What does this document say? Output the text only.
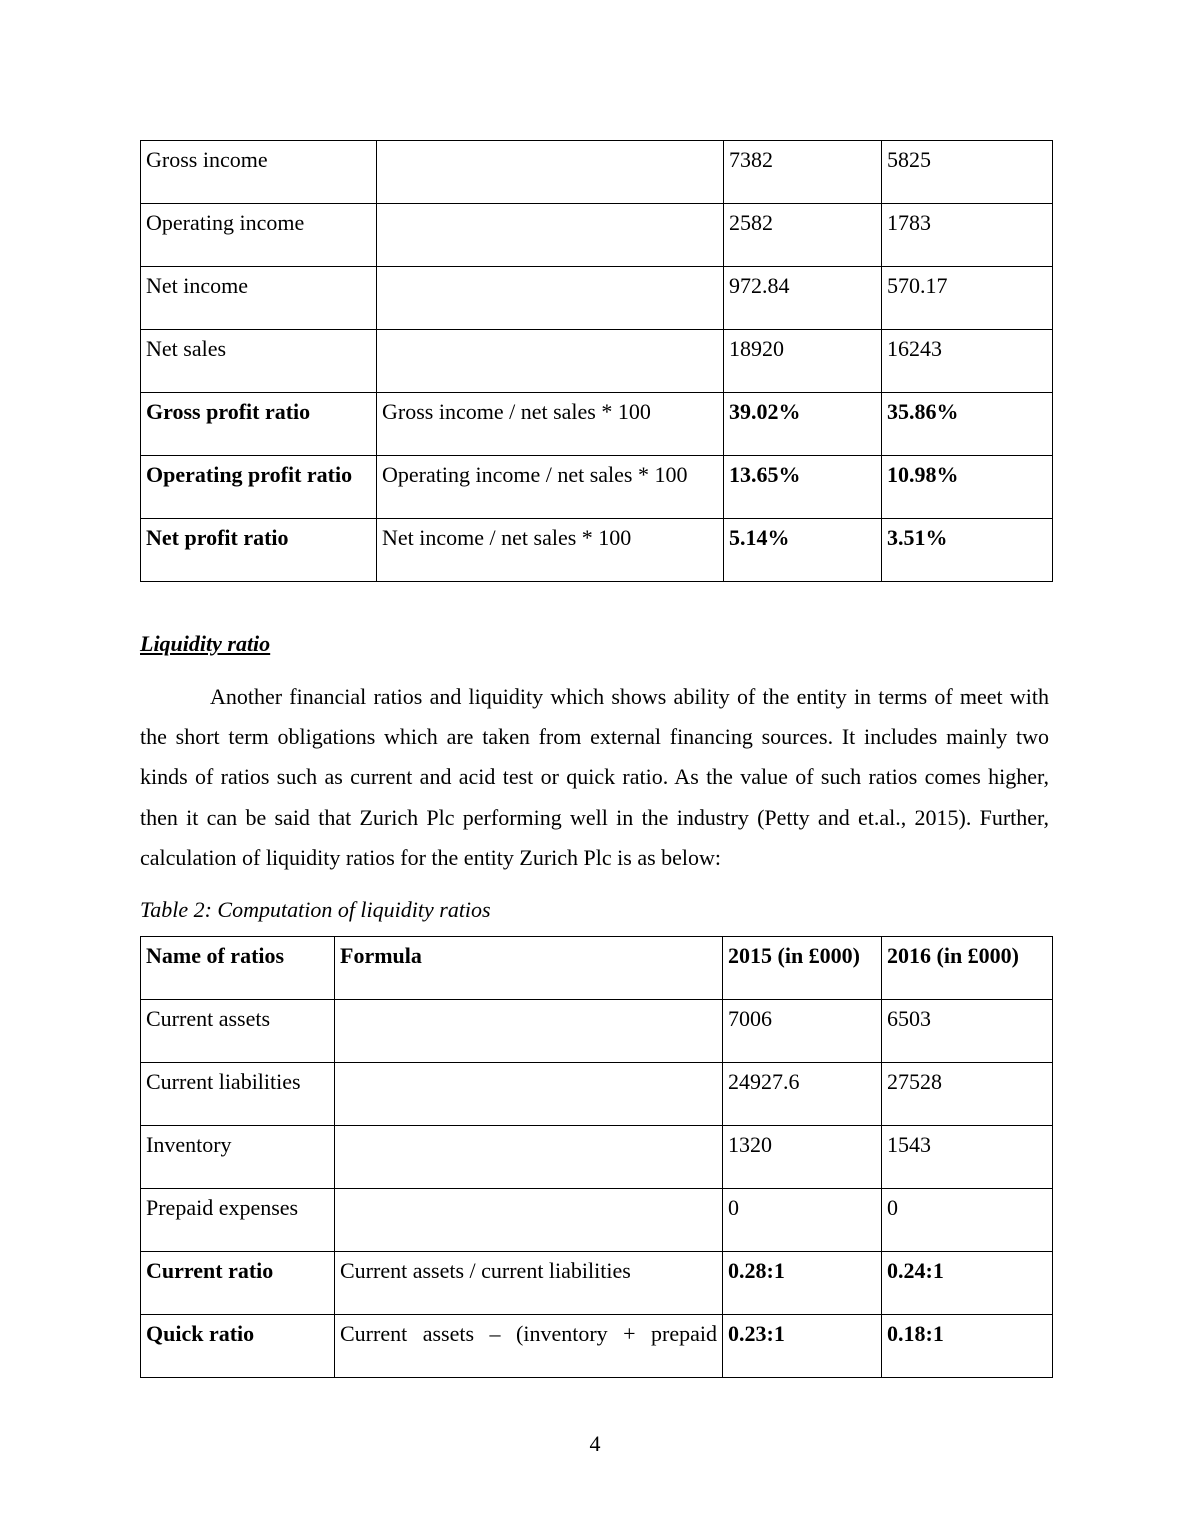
Gross income		7382	5825
Operating income		2582	1783
Net income		972.84	570.17
Net sales		18920	16243
Gross profit ratio	Gross income / net sales * 100	39.02%	35.86%
Operating profit ratio	Operating income / net sales * 100	13.65%	10.98%
Net profit ratio	Net income / net sales * 100	5.14%	3.51%
Liquidity ratio

Another financial ratios and liquidity which shows ability of the entity in terms of meet with the short term obligations which are taken from external financing sources. It includes mainly two kinds of ratios such as current and acid test or quick ratio. As the value of such ratios comes higher, then it can be said that Zurich Plc performing well in the industry (Petty and et.al., 2015). Further, calculation of liquidity ratios for the entity Zurich Plc is as below:

Table 2: Computation of liquidity ratios
Name of ratios	Formula	2015 (in £000)	2016 (in £000)
Current assets		7006	6503
Current liabilities		24927.6	27528
Inventory		1320	1543
Prepaid expenses		0	0
Current ratio	Current assets / current liabilities	0.28:1	0.24:1
Quick ratio	Current assets – (inventory + prepaid	0.23:1	0.18:1
4
